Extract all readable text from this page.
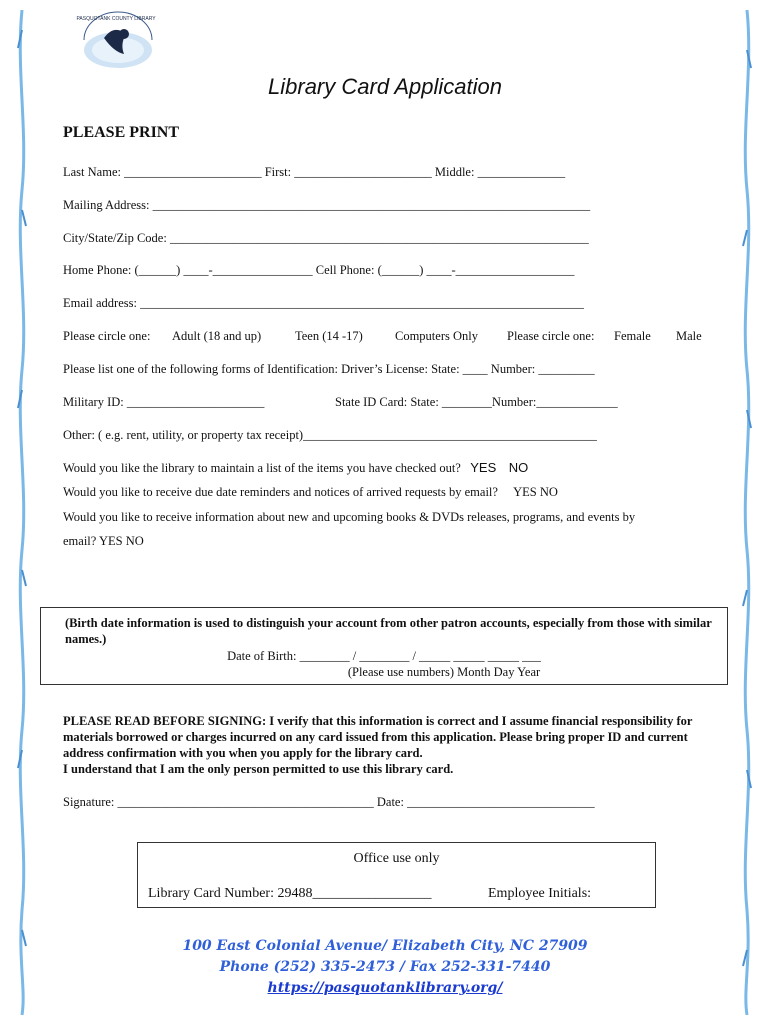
PASQUOTANK COUNTY LIBRARY
Library Card Application
PLEASE PRINT
Last Name: ______________________ First: ______________________ Middle: ______________
Mailing Address: ______________________________________________________________________
City/State/Zip Code: ___________________________________________________________________
Home Phone: (______) ____-________________ Cell Phone: (______) ____-___________________
Email address: _______________________________________________________________________
Please circle one: Adult (18 and up)	Teen (14 -17)	Computers Only Please circle one: Female Male
Please list one of the following forms of Identification: Driver’s License: State: ____ Number: _________
Military ID: ______________________	State ID Card: State: ________Number:_____________
Other: ( e.g. rent, utility, or property tax receipt)_______________________________________________
Would you like the library to maintain a list of the items you have checked out? YES NO
Would you like to receive due date reminders and notices of arrived requests by email? YES NO
Would you like to receive information about new and upcoming books & DVDs releases, programs, and events by
email? YES NO
(Birth date information is used to distinguish your account from other patron accounts, especially from those with similar names.)
Date of Birth: ________ / ________ / _____ _____ _____ ___
(Please use numbers) Month Day Year
PLEASE READ BEFORE SIGNING: I verify that this information is correct and I assume financial responsibility for materials borrowed or charges incurred on any card issued from this application. Please bring proper ID and current address confirmation with you when you apply for the library card.
I understand that I am the only person permitted to use this library card.
Signature: _________________________________________ Date: ______________________________
Office use only
Library Card Number: 29488_________________	Employee Initials:
100 East Colonial Avenue/ Elizabeth City, NC 27909
Phone (252) 335-2473 / Fax 252-331-7440
https://pasquotanklibrary.org/
